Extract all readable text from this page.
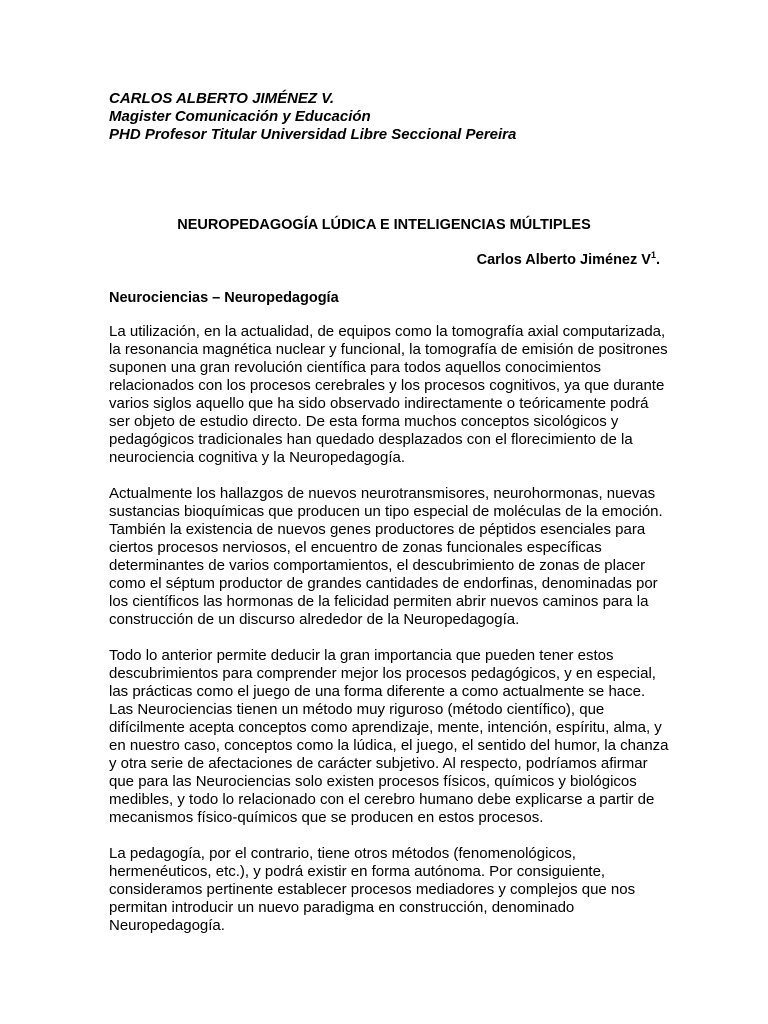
CARLOS ALBERTO JIMÉNEZ V.
Magister Comunicación y Educación
PHD Profesor Titular Universidad Libre Seccional Pereira
NEUROPEDAGOGÍA LÚDICA E INTELIGENCIAS MÚLTIPLES
Carlos Alberto Jiménez $V^1$.
Neurociencias – Neuropedagogía

La utilización, en la actualidad, de equipos como la tomografía axial computarizada, la resonancia magnética nuclear y funcional, la tomografía de emisión de positrones suponen una gran revolución científica para todos aquellos conocimientos relacionados con los procesos cerebrales y los procesos cognitivos, ya que durante varios siglos aquello que ha sido observado indirectamente o teóricamente podrá ser objeto de estudio directo. De esta forma muchos conceptos sicológicos y pedagógicos tradicionales han quedado desplazados con el florecimiento de la neurociencia cognitiva y la Neuropedagogía.

Actualmente los hallazgos de nuevos neurotransmisores, neurohormonas, nuevas sustancias bioquímicas que producen un tipo especial de moléculas de la emoción. También la existencia de nuevos genes productores de péptidos esenciales para ciertos procesos nerviosos, el encuentro de zonas funcionales específicas determinantes de varios comportamientos, el descubrimiento de zonas de placer como el séptum productor de grandes cantidades de endorfinas, denominadas por los científicos las hormonas de la felicidad permiten abrir nuevos caminos para la construcción de un discurso alrededor de la Neuropedagogía.

Todo lo anterior permite deducir la gran importancia que pueden tener estos descubrimientos para comprender mejor los procesos pedagógicos, y en especial, las prácticas como el juego de una forma diferente a como actualmente se hace. Las Neurociencias tienen un método muy riguroso (método científico), que difícilmente acepta conceptos como aprendizaje, mente, intención, espíritu, alma, y en nuestro caso, conceptos como la lúdica, el juego, el sentido del humor, la chanza y otra serie de afectaciones de carácter subjetivo. Al respecto, podríamos afirmar que para las Neurociencias solo existen procesos físicos, químicos y biológicos medibles, y todo lo relacionado con el cerebro humano debe explicarse a partir de mecanismos físico-químicos que se producen en estos procesos.

La pedagogía, por el contrario, tiene otros métodos (fenomenológicos, hermenéuticos, etc.), y podrá existir en forma autónoma. Por consiguiente, consideramos pertinente establecer procesos mediadores y complejos que nos permitan introducir un nuevo paradigma en construcción, denominado Neuropedagogía.
